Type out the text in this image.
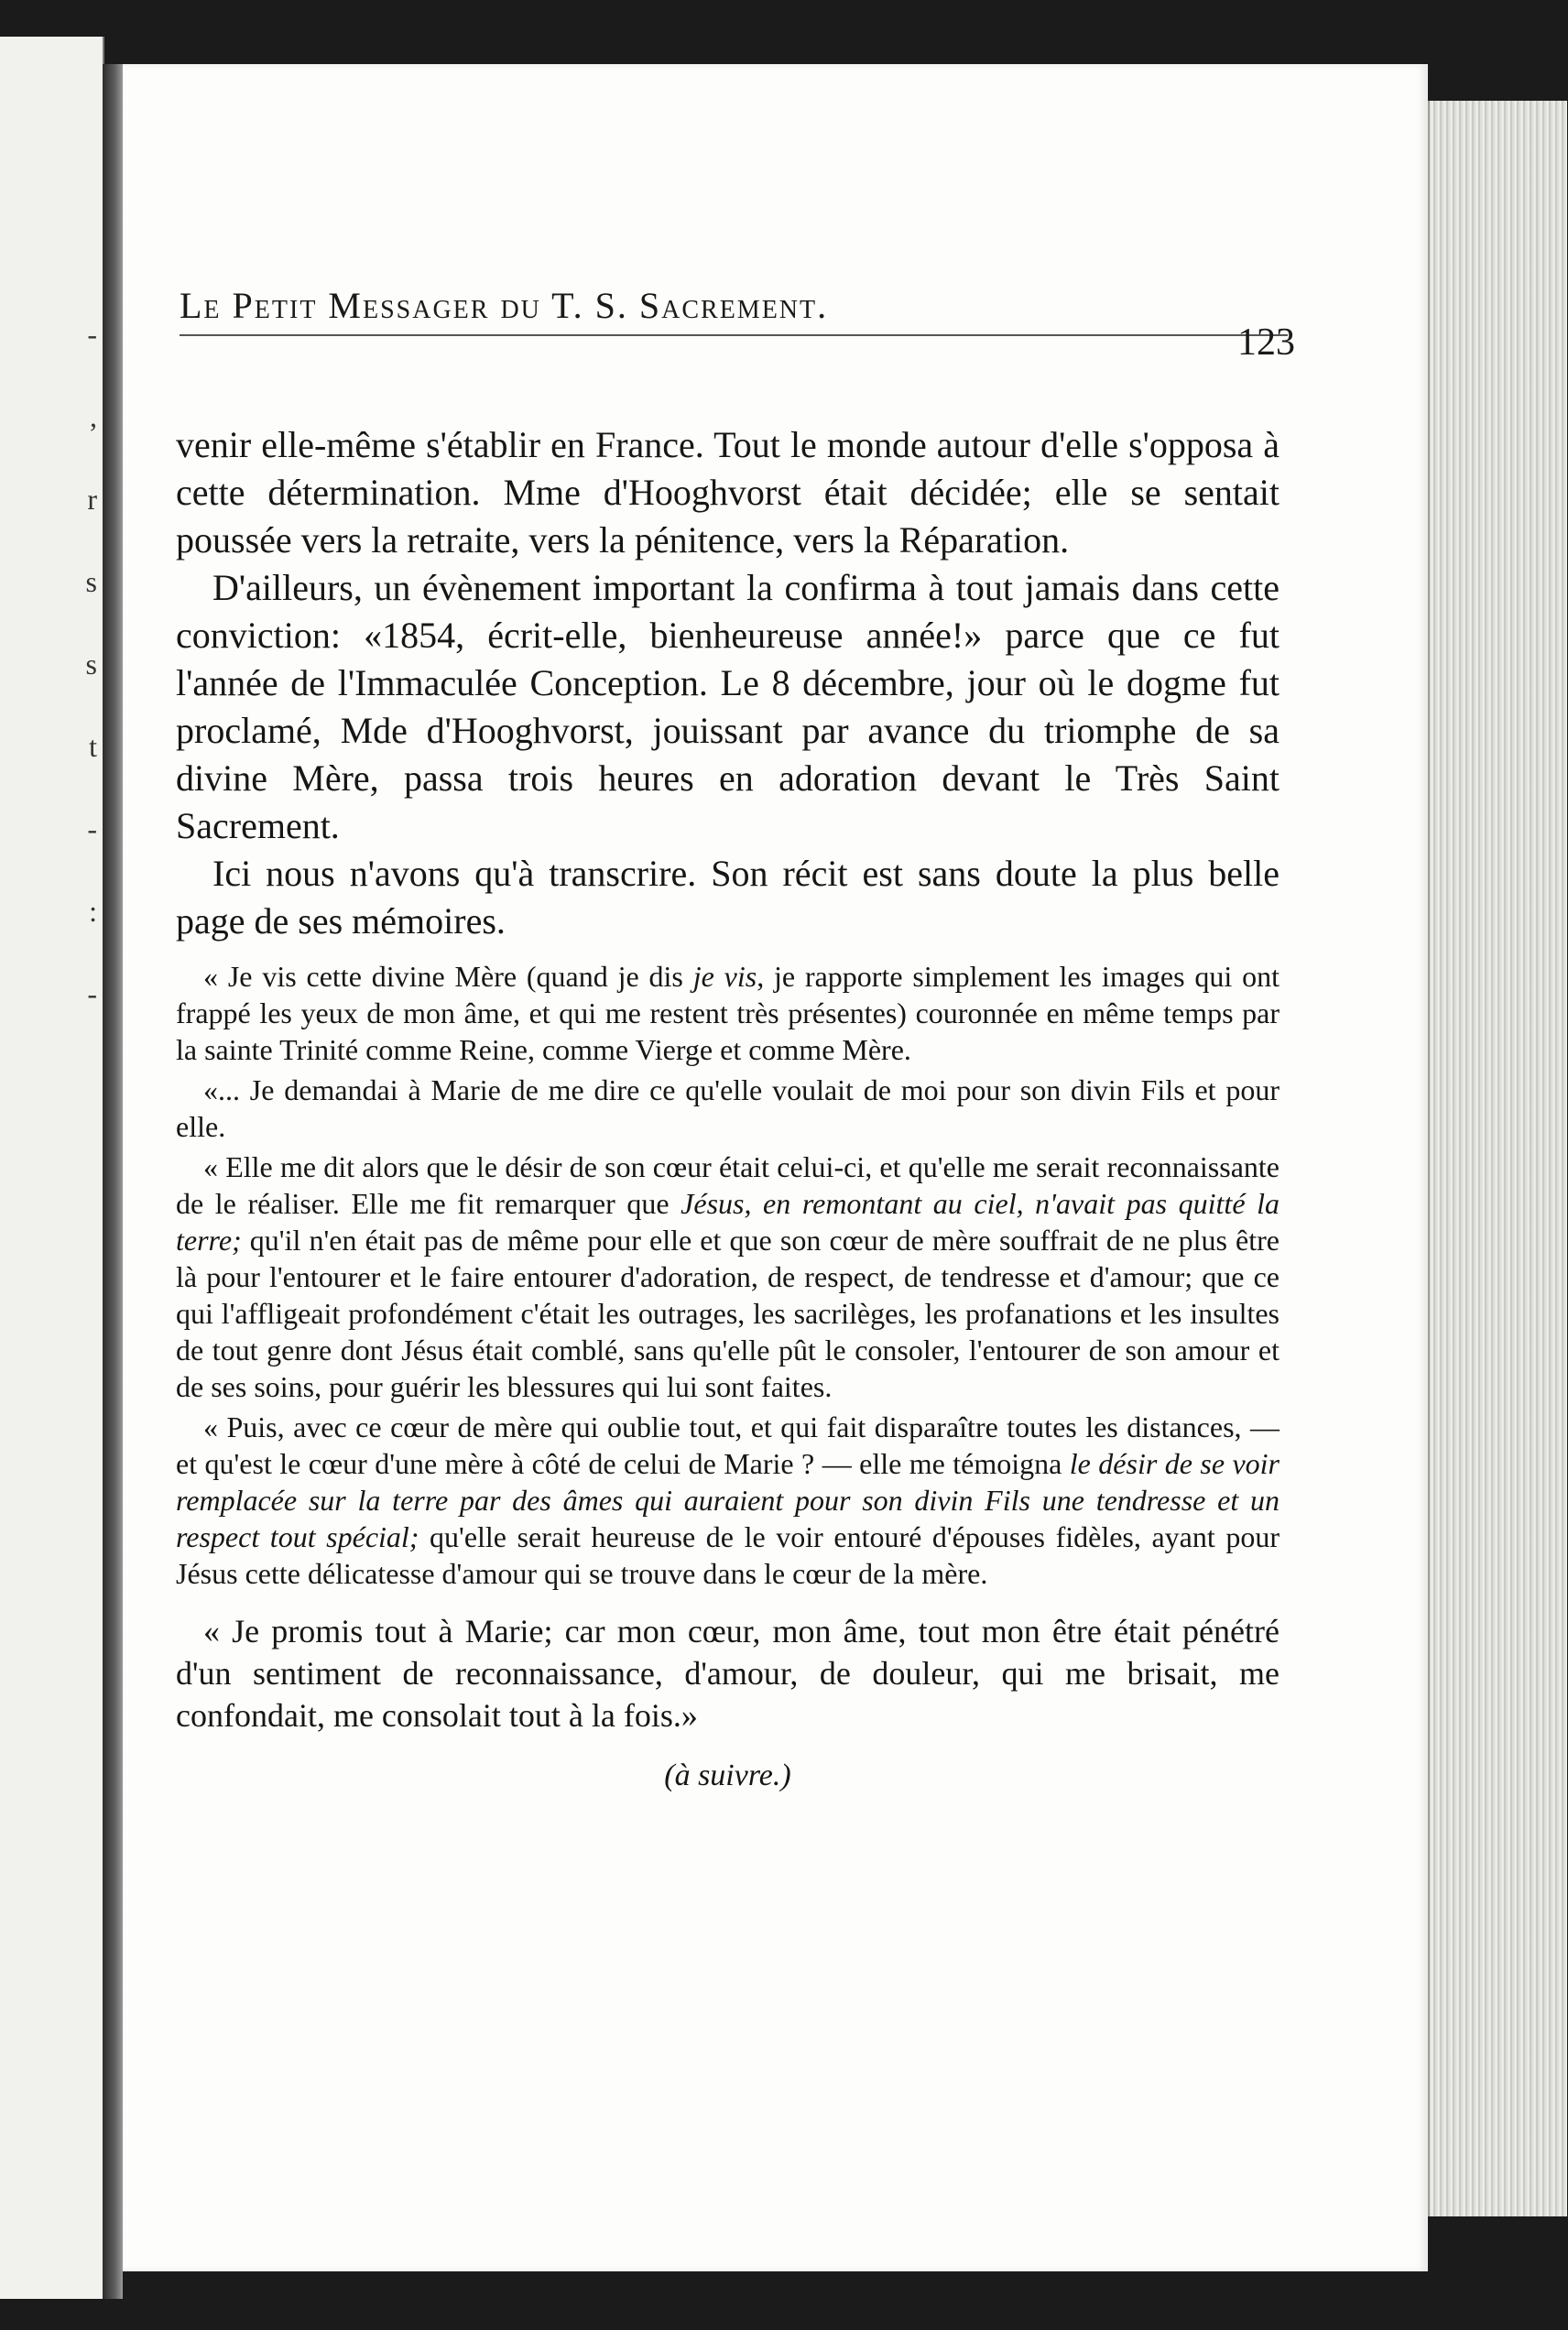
-
,
r
s
s
t
-
:
-
Le Petit Messager du T. S. Sacrement.
123

venir elle-même s'établir en France. Tout le monde autour d'elle s'opposa à cette détermination. Mme d'Hooghvorst était décidée; elle se sentait poussée vers la retraite, vers la pénitence, vers la Réparation.

D'ailleurs, un évènement important la confirma à tout jamais dans cette conviction: «1854, écrit-elle, bienheureuse année!» parce que ce fut l'année de l'Immaculée Conception. Le 8 décembre, jour où le dogme fut proclamé, Mde d'Hooghvorst, jouissant par avance du triomphe de sa divine Mère, passa trois heures en adoration devant le Très Saint Sacrement.

Ici nous n'avons qu'à transcrire. Son récit est sans doute la plus belle page de ses mémoires.

« Je vis cette divine Mère (quand je dis je vis, je rapporte simplement les images qui ont frappé les yeux de mon âme, et qui me restent très présentes) couronnée en même temps par la sainte Trinité comme Reine, comme Vierge et comme Mère.

«... Je demandai à Marie de me dire ce qu'elle voulait de moi pour son divin Fils et pour elle.

« Elle me dit alors que le désir de son cœur était celui-ci, et qu'elle me serait reconnaissante de le réaliser. Elle me fit remarquer que Jésus, en remontant au ciel, n'avait pas quitté la terre; qu'il n'en était pas de même pour elle et que son cœur de mère souffrait de ne plus être là pour l'entourer et le faire entourer d'adoration, de respect, de tendresse et d'amour; que ce qui l'affligeait profondément c'était les outrages, les sacrilèges, les profanations et les insultes de tout genre dont Jésus était comblé, sans qu'elle pût le consoler, l'entourer de son amour et de ses soins, pour guérir les blessures qui lui sont faites.

« Puis, avec ce cœur de mère qui oublie tout, et qui fait disparaître toutes les distances, — et qu'est le cœur d'une mère à côté de celui de Marie ? — elle me témoigna le désir de se voir remplacée sur la terre par des âmes qui auraient pour son divin Fils une tendresse et un respect tout spécial; qu'elle serait heureuse de le voir entouré d'épouses fidèles, ayant pour Jésus cette délicatesse d'amour qui se trouve dans le cœur de la mère.

« Je promis tout à Marie; car mon cœur, mon âme, tout mon être était pénétré d'un sentiment de reconnaissance, d'amour, de douleur, qui me brisait, me confondait, me consolait tout à la fois.»

(à suivre.)
